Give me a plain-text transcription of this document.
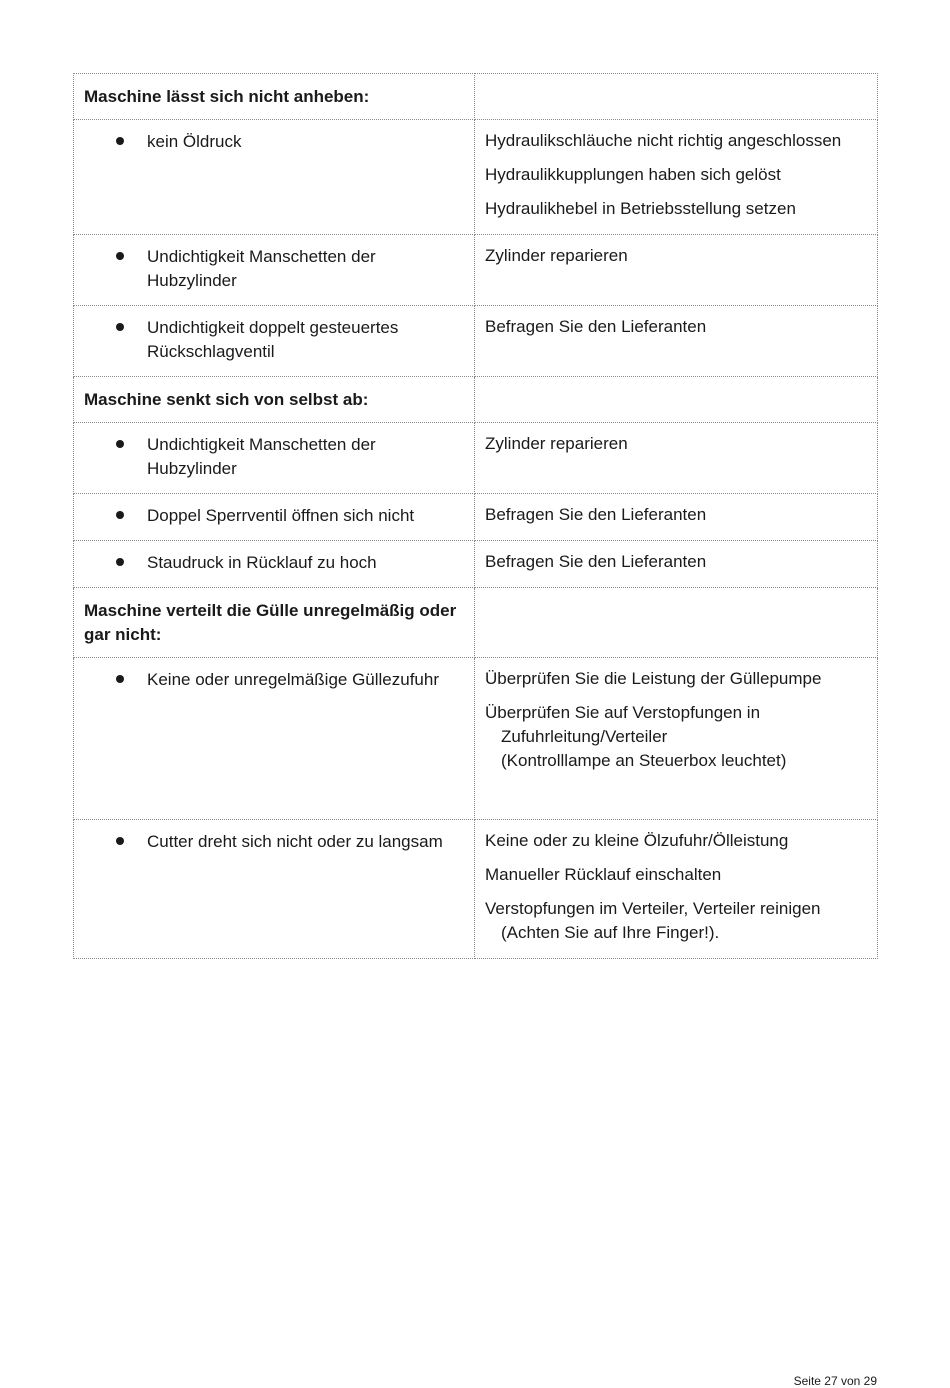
Maschine lässt sich nicht anheben:	

kein Öldruck	Hydraulikschläuche nicht richtig angeschlossen

Hydraulikkupplungen haben sich gelöst

Hydraulikhebel in Betriebsstellung setzen

Undichtigkeit Manschetten der Hubzylinder	Zylinder reparieren

Undichtigkeit doppelt gesteuertes Rückschlagventil	Befragen Sie den Lieferanten

Maschine senkt sich von selbst ab:	

Undichtigkeit Manschetten der Hubzylinder	Zylinder reparieren

Doppel Sperrventil öffnen sich nicht	Befragen Sie den Lieferanten

Staudruck in Rücklauf zu hoch	Befragen Sie den Lieferanten

Maschine verteilt die Gülle unregelmäßig oder gar nicht:	

Keine oder unregelmäßige Güllezufuhr	Überprüfen Sie die Leistung der Güllepumpe

Überprüfen Sie auf Verstopfungen in
Zufuhrleitung/Verteiler
(Kontrolllampe an Steuerbox leuchtet)

Cutter dreht sich nicht oder zu langsam	Keine oder zu kleine Ölzufuhr/Ölleistung

Manueller Rücklauf einschalten

Verstopfungen im Verteiler, Verteiler reinigen
(Achten Sie auf Ihre Finger!).

Seite 27 von 29
